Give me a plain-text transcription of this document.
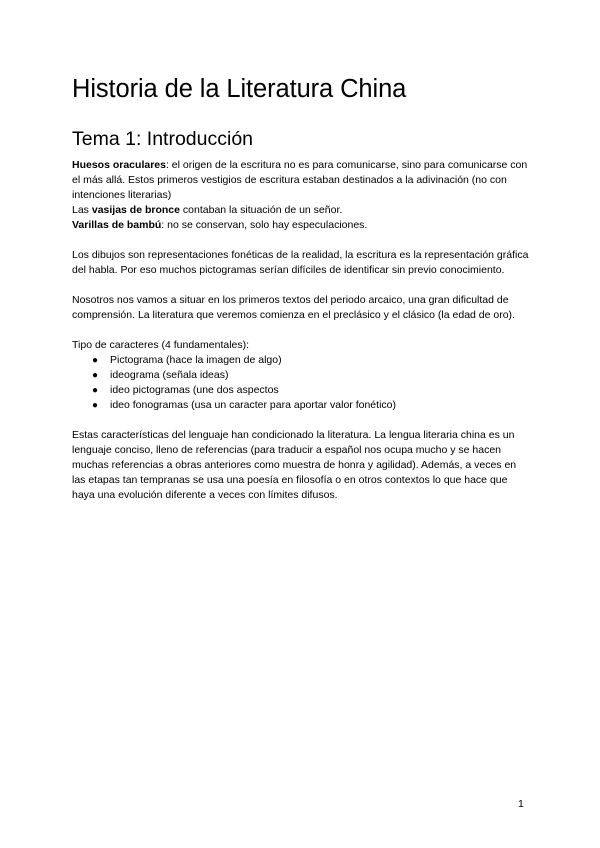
Historia de la Literatura China
Tema 1: Introducción

Huesos oraculares: el origen de la escritura no es para comunicarse, sino para comunicarse con el más allá. Estos primeros vestigios de escritura estaban destinados a la adivinación (no con intenciones literarias)

Las vasijas de bronce contaban la situación de un señor.

Varillas de bambú: no se conservan, solo hay especulaciones.

Los dibujos son representaciones fonéticas de la realidad, la escritura es la representación gráfica del habla. Por eso muchos pictogramas serían difíciles de identificar sin previo conocimiento.

Nosotros nos vamos a situar en los primeros textos del periodo arcaico, una gran dificultad de comprensión. La literatura que veremos comienza en el preclásico y el clásico (la edad de oro).

Tipo de caracteres (4 fundamentales):

● Pictograma (hace la imagen de algo)
● ideograma (señala ideas)
● ideo pictogramas (une dos aspectos
● ideo fonogramas (usa un caracter para aportar valor fonético)

Estas características del lenguaje han condicionado la literatura. La lengua literaria china es un lenguaje conciso, lleno de referencias (para traducir a español nos ocupa mucho y se hacen muchas referencias a obras anteriores como muestra de honra y agilidad). Además, a veces en las etapas tan tempranas se usa una poesía en filosofía o en otros contextos lo que hace que haya una evolución diferente a veces con límites difusos.

1
